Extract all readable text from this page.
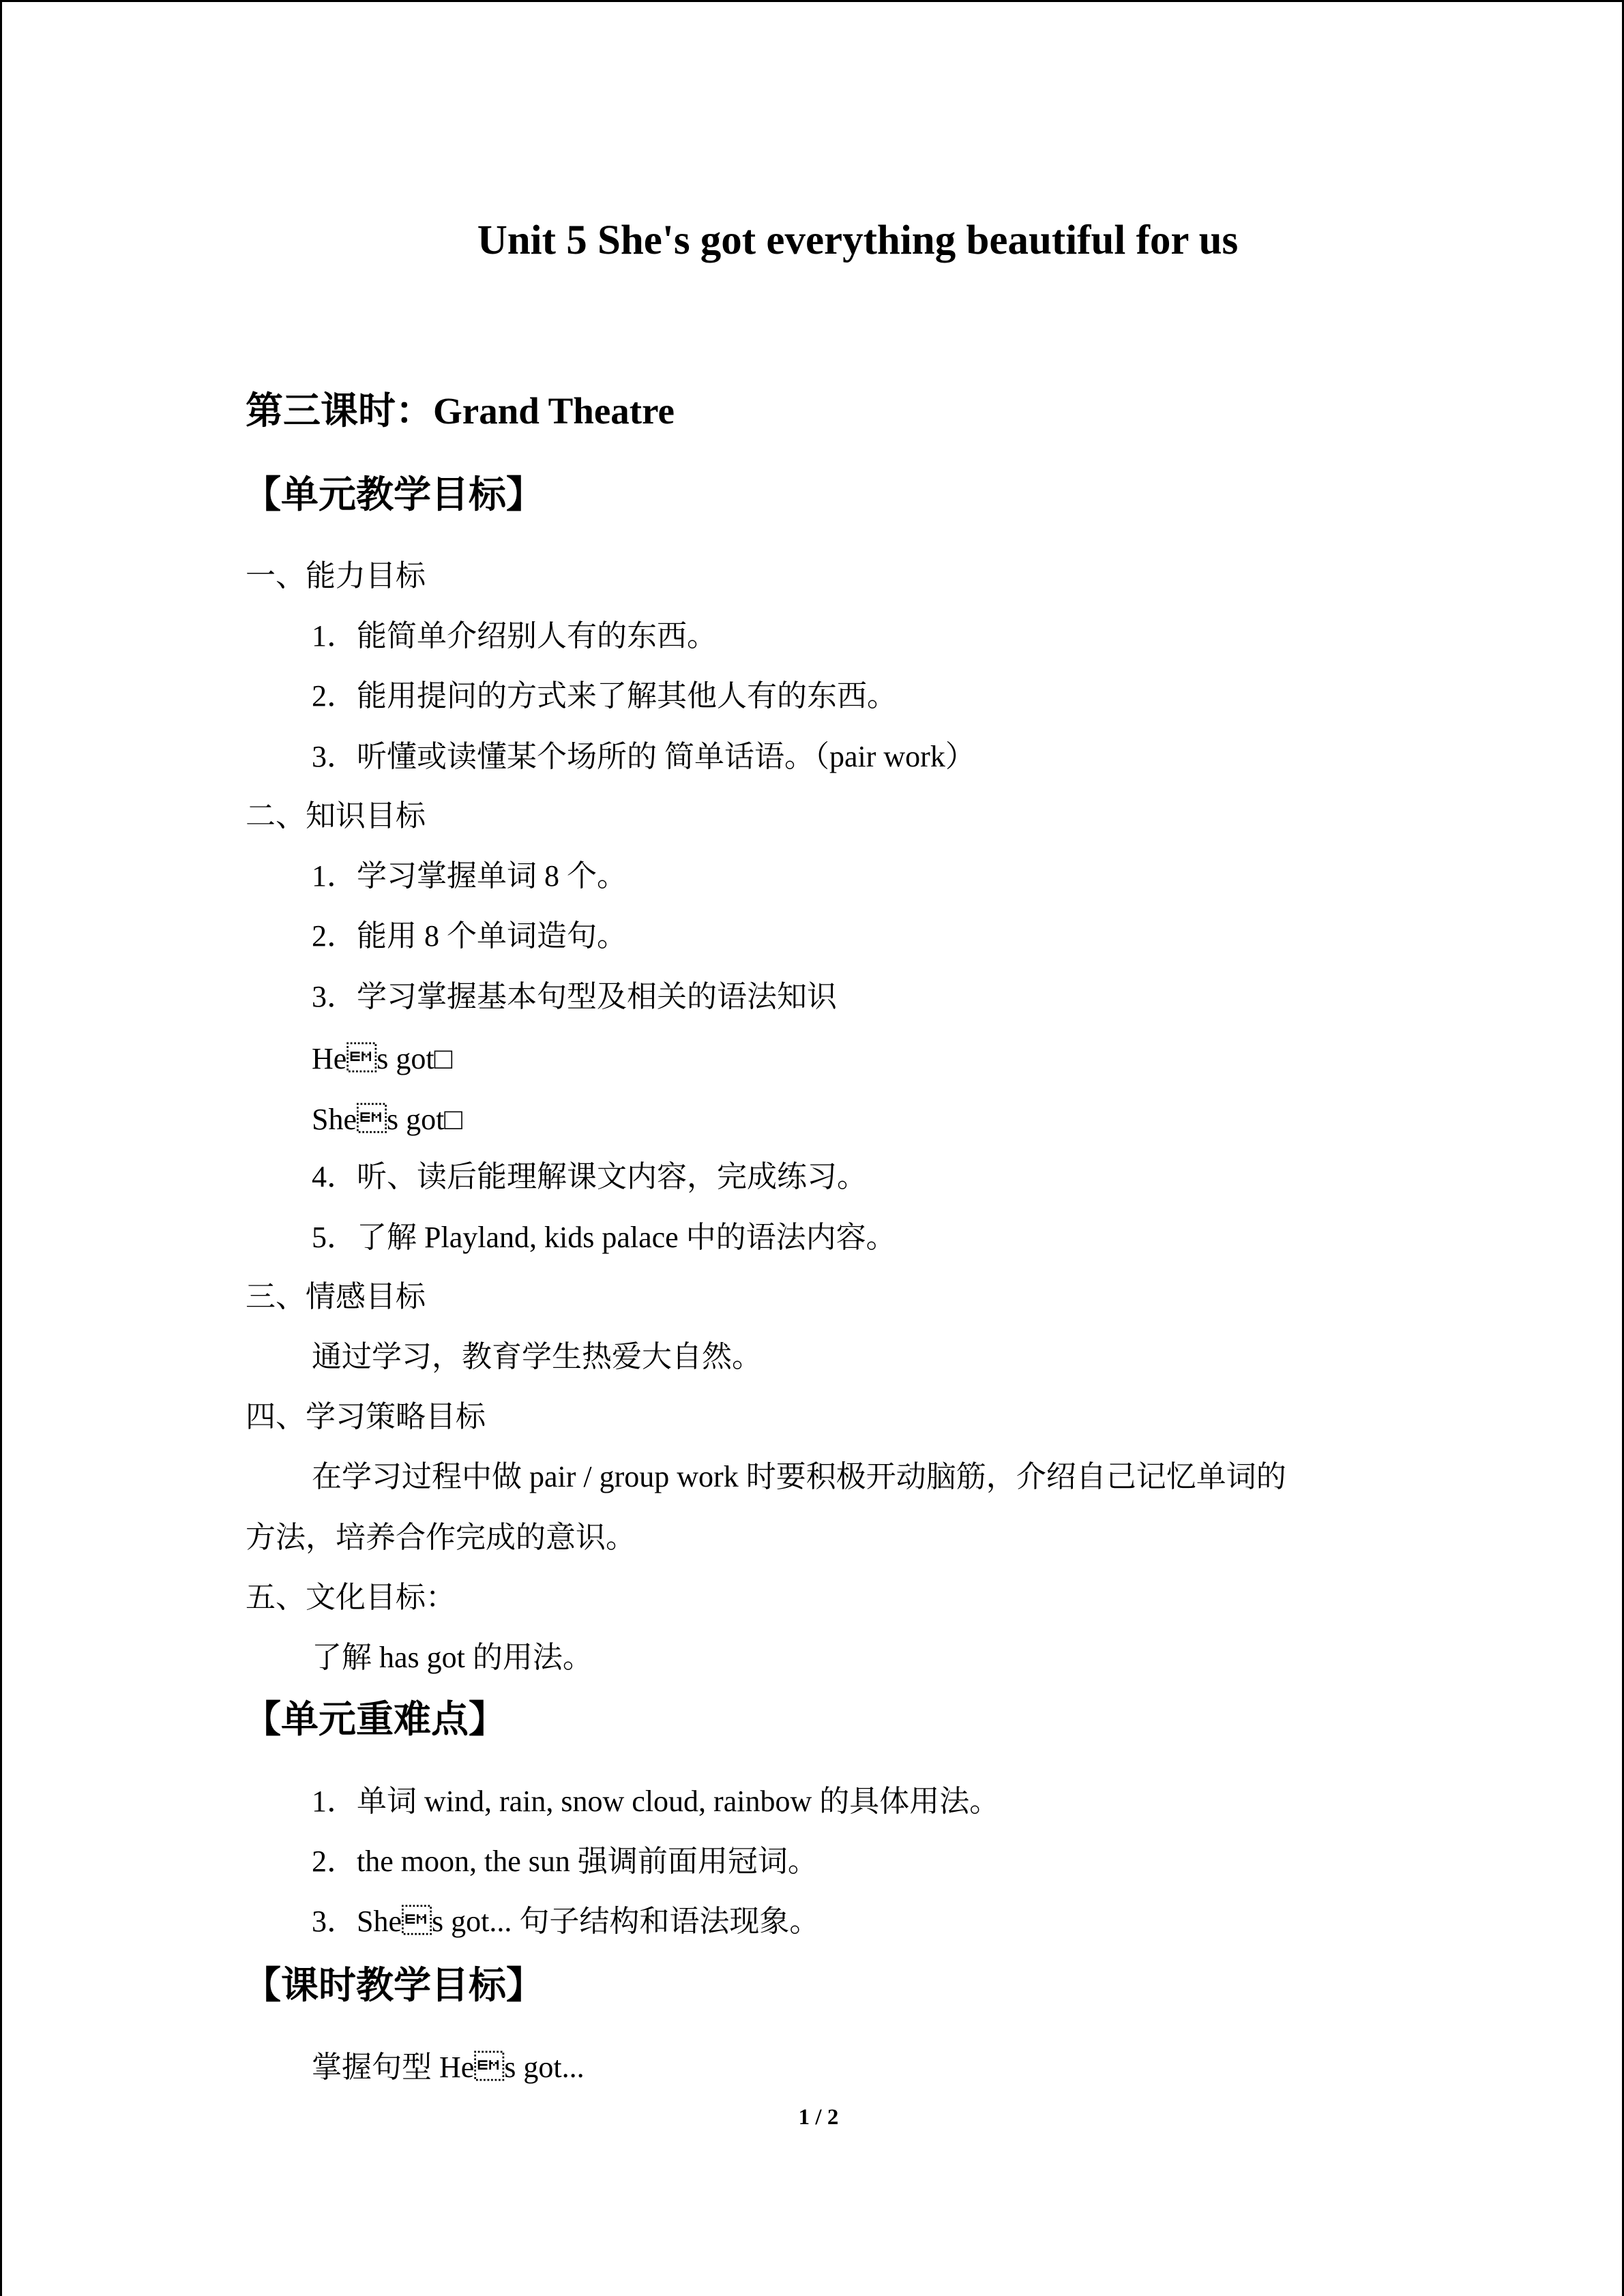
Unit 5 She's got everything beautiful for us
第三课时：Grand Theatre
【单元教学目标】
一、能力目标
1．能简单介绍别人有的东西。
2．能用提问的方式来了解其他人有的东西。
3．听懂或读懂某个场所的 简单话语。（pair work）
二、知识目标
1．学习掌握单词 8 个。
2．能用 8 个单词造句。
3．学习掌握基本句型及相关的语法知识
Hes got□
Shes got□
4．听、读后能理解课文内容，完成练习。
5．了解 Playland, kids palace 中的语法内容。
三、情感目标
通过学习，教育学生热爱大自然。
四、学习策略目标
在学习过程中做 pair / group work 时要积极开动脑筋，介绍自己记忆单词的
方法，培养合作完成的意识。
五、文化目标：
了解 has got 的用法。
【单元重难点】
1．单词 wind, rain, snow cloud, rainbow 的具体用法。
2．the moon, the sun 强调前面用冠词。
3．Shes got... 句子结构和语法现象。
【课时教学目标】
掌握句型 Hes got...
1 / 2
